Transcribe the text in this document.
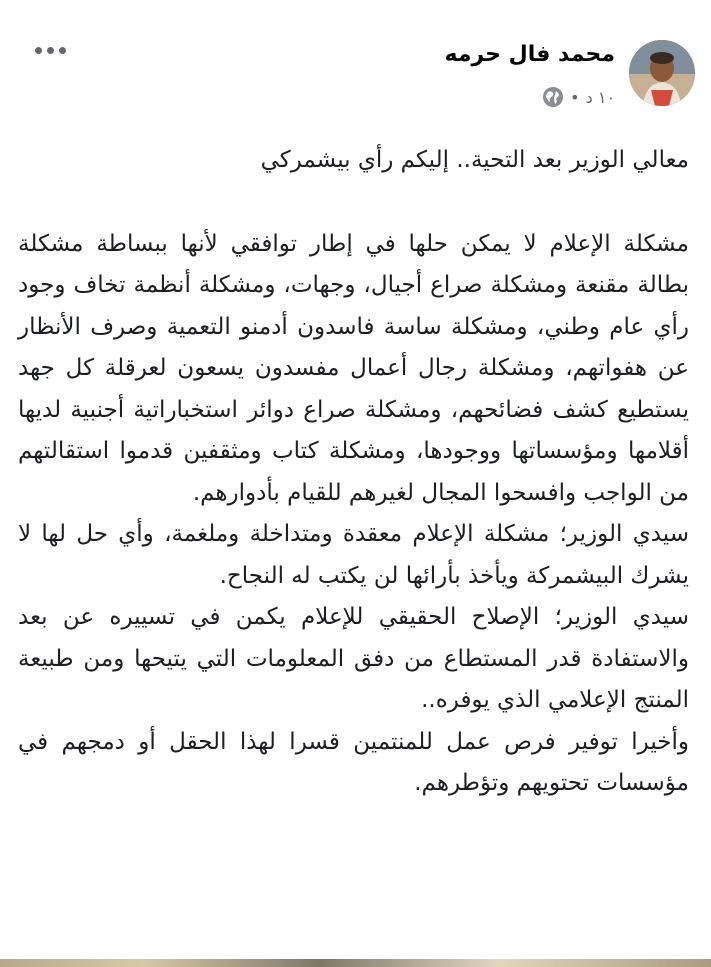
محمد فال حرمه
١٠ د
•

معالي الوزير بعد التحية.. إليكم رأي بيشمركي

مشكلة الإعلام لا يمكن حلها في إطار توافقي لأنها ببساطة مشكلة بطالة مقنعة ومشكلة صراع أجيال، وجهات، ومشكلة أنظمة تخاف وجود رأي عام وطني، ومشكلة ساسة فاسدون أدمنو التعمية وصرف الأنظار عن هفواتهم، ومشكلة رجال أعمال مفسدون يسعون لعرقلة كل جهد يستطيع كشف فضائحهم، ومشكلة صراع دوائر استخباراتية أجنبية لديها أقلامها ومؤسساتها ووجودها، ومشكلة كتاب ومثقفين قدموا استقالتهم من الواجب وافسحوا المجال لغيرهم للقيام بأدوارهم.

سيدي الوزير؛ مشكلة الإعلام معقدة ومتداخلة وملغمة، وأي حل لها لا يشرك البيشمركة ويأخذ بأرائها لن يكتب له النجاح.

سيدي الوزير؛ الإصلاح الحقيقي للإعلام يكمن في تسييره عن بعد والاستفادة قدر المستطاع من دفق المعلومات التي يتيحها ومن طبيعة المنتج الإعلامي الذي يوفره..

وأخيرا توفير فرص عمل للمنتمين قسرا لهذا الحقل أو دمجهم في مؤسسات تحتويهم وتؤطرهم.
